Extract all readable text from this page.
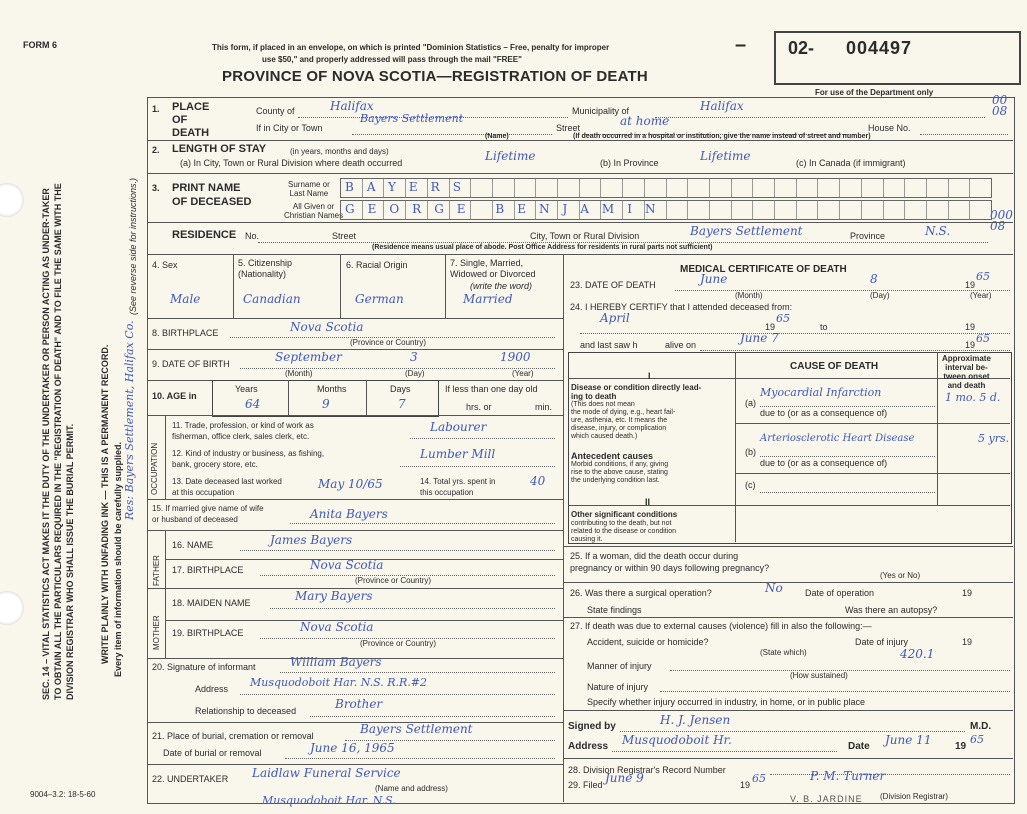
FORM 6	This form, if placed in an envelope, on which is printed "Dominion Statistics – Free, penalty for improper
use $50," and properly addressed will pass through the mail "FREE"
PROVINCE OF NOVA SCOTIA—REGISTRATION OF DEATH
– 02- 004497
For use of the Department only
00
08
000
08
SEC. 14 – VITAL STATISTICS ACT MAKES IT THE DUTY OF THE UNDERTAKER OR PERSON ACTING AS UNDER-TAKER TO OBTAIN ALL THE PARTICULARS REQUIRED IN THE "REGISTRATION OF DEATH" AND TO FILE THE SAME WITH THE DIVISION REGISTRAR WHO SHALL ISSUE THE BURIAL PERMIT.	WRITE PLAINLY WITH UNFADING INK — THIS IS A PERMANENT RECORD. Every item of information should be carefully supplied.
(See reverse side for instructions.)
Res: Bayers Settlement, Halifax Co.
9004–3.2: 18-5-60
1. PLACE
OF
DEATH
County of	Halifax	Municipality of	Halifax
If in City or Town
Bayers Settlement
Street	at home	House No.
(Name)	(If death occurred in a hospital or institution, give the name instead of street and number)
2. LENGTH OF STAY	(in years, months and days)
(a) In City, Town or Rural Division where death occurred	Lifetime	(b) In Province	Lifetime	(c) In Canada (if immigrant)
3. PRINT NAME
OF DECEASED
Surname or
Last Name BAYERS
All Given or
Christian Names GEORGE BENJAMIN
RESIDENCE No.	Street	City, Town or Rural Division	Bayers Settlement	Province	N.S.
(Residence means usual place of abode. Post Office Address for residents in rural parts not sufficient)
4. Sex	5. Citizenship
(Nationality)
6. Racial Origin	7. Single, Married,
Widowed or Divorced
(write the word)
Male	Canadian	German	Married
8. BIRTHPLACE	Nova Scotia
(Province or Country)
9. DATE OF BIRTH	September	3	1900
(Month)	(Day)	(Year)
10. AGE in
Years	Months	Days
64	9	7
If less than one day old
hrs. or	min.
OCCUPATION
11. Trade, profession, or kind of work as
fisherman, office clerk, sales clerk, etc.
Labourer
12. Kind of industry or business, as fishing,
bank, grocery store, etc.
Lumber Mill
13. Date deceased last worked
at this occupation
May 10/65	14. Total yrs. spent in
this occupation
40
15. If married give name of wife
or husband of deceased	Anita Bayers
FATHER
MOTHER
16. NAME	James Bayers
17. BIRTHPLACE	Nova Scotia
(Province or Country)
18. MAIDEN NAME	Mary Bayers
19. BIRTHPLACE	Nova Scotia
(Province or Country)
20. Signature of informant	William Bayers
Address Musquodoboit Har. N.S. R.R.#2
Relationship to deceased	Brother
21. Place of burial, cremation or removal	Bayers Settlement
Date of burial or removal	June 16, 1965
22. UNDERTAKER Laidlaw Funeral Service
(Name and address)
Musquodoboit Har. N.S.
MEDICAL CERTIFICATE OF DEATH
23. DATE OF DEATH	June	8	19
65
(Month)	(Day)	(Year)
24. I HEREBY CERTIFY that I attended deceased from:
April
19
65
to	19
and last saw h	alive on	June 7	19 65
CAUSE OF DEATH
Approximate
interval be-
tween onset
and death
I
Disease or condition directly lead-
ing to death
(This does not mean
the mode of dying, e.g., heart fail-
ure, asthenia, etc. It means the
disease, injury, or complication
which caused death.)
(a)
Myocardial Infarction	1 mo. 5 d.
due to (or as a consequence of)
Antecedent causes
Morbid conditions, if any, giving
rise to the above cause, stating
the underlying condition last.
(b)
Arteriosclerotic Heart Disease	5 yrs.
due to (or as a consequence of)
(c)
II
Other significant conditions
contributing to the death, but not
related to the disease or condition
causing it.
25. If a woman, did the death occur during
pregnancy or within 90 days following pregnancy?
(Yes or No)
26. Was there a surgical operation?	No Date of operation	19
State findings	Was there an autopsy?
27. If death was due to external causes (violence) fill in also the following:—
Accident, suicide or homicide?	Date of injury	19
(State which)	420.1
Manner of injury
(How sustained)
Nature of injury
Specify whether injury occurred in industry, in home, or in public place
Signed by	H. J. Jensen	M.D.
Address Musquodoboit Hr.	Date June 11 19
65
28. Division Registrar's Record Number
29. Filed June 9	19 65	P. M. Turner
(Division Registrar)
V. B. JARDINE
